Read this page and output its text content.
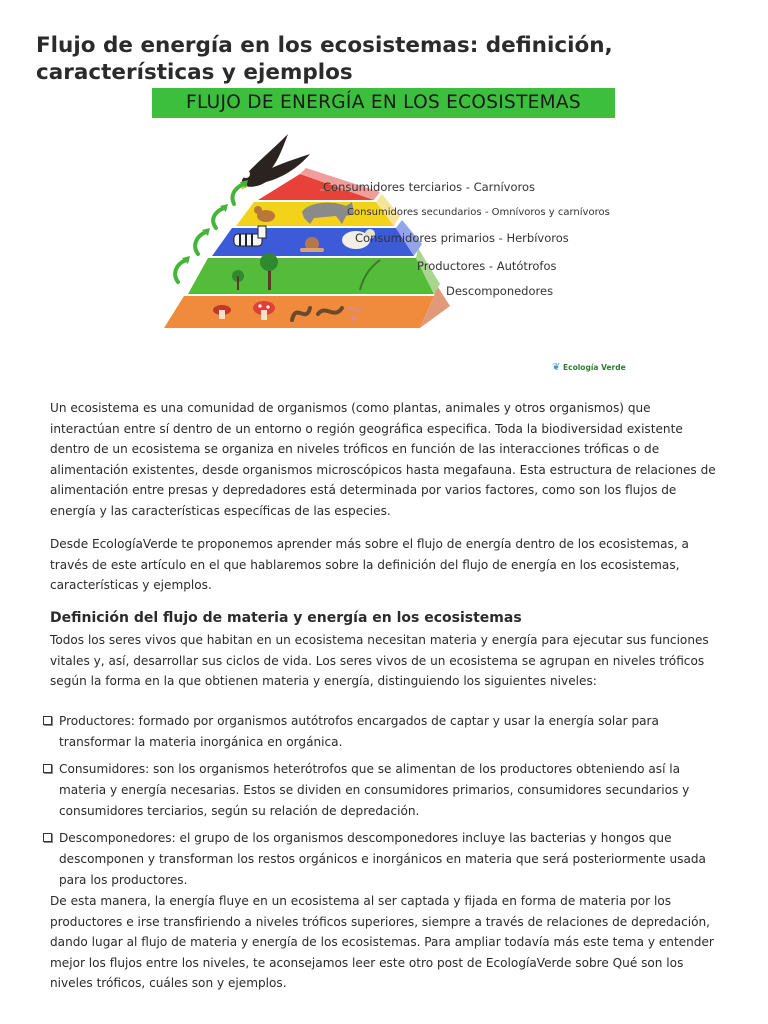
Flujo de energía en los ecosistemas: definición, características y ejemplos
FLUJO DE ENERGÍA EN LOS ECOSISTEMAS
Consumidores terciarios - Carnívoros
Consumidores secundarios - Omnívoros y carnívoros
Consumidores primarios - Herbívoros
Productores - Autótrofos
Descomponedores
❦ Ecología Verde

Un ecosistema es una comunidad de organismos (como plantas, animales y otros organismos) que interactúan entre sí dentro de un entorno o región geográfica especifica. Toda la biodiversidad existente dentro de un ecosistema se organiza en niveles tróficos en función de las interacciones tróficas o de alimentación existentes, desde organismos microscópicos hasta megafauna. Esta estructura de relaciones de alimentación entre presas y depredadores está determinada por varios factores, como son los flujos de energía y las características específicas de las especies.

Desde EcologíaVerde te proponemos aprender más sobre el flujo de energía dentro de los ecosistemas, a través de este artículo en el que hablaremos sobre la definición del flujo de energía en los ecosistemas, características y ejemplos.

Definición del flujo de materia y energía en los ecosistemas

Todos los seres vivos que habitan en un ecosistema necesitan materia y energía para ejecutar sus funciones vitales y, así, desarrollar sus ciclos de vida. Los seres vivos de un ecosistema se agrupan en niveles tróficos según la forma en la que obtienen materia y energía, distinguiendo los siguientes niveles:

Productores: formado por organismos autótrofos encargados de captar y usar la energía solar para transformar la materia inorgánica en orgánica.
Consumidores: son los organismos heterótrofos que se alimentan de los productores obteniendo así la materia y energía necesarias. Estos se dividen en consumidores primarios, consumidores secundarios y consumidores terciarios, según su relación de depredación.
Descomponedores: el grupo de los organismos descomponedores incluye las bacterias y hongos que descomponen y transforman los restos orgánicos e inorgánicos en materia que será posteriormente usada para los productores.

De esta manera, la energía fluye en un ecosistema al ser captada y fijada en forma de materia por los productores e irse transfiriendo a niveles tróficos superiores, siempre a través de relaciones de depredación, dando lugar al flujo de materia y energía de los ecosistemas. Para ampliar todavía más este tema y entender mejor los flujos entre los niveles, te aconsejamos leer este otro post de EcologíaVerde sobre Qué son los niveles tróficos, cuáles son y ejemplos.
